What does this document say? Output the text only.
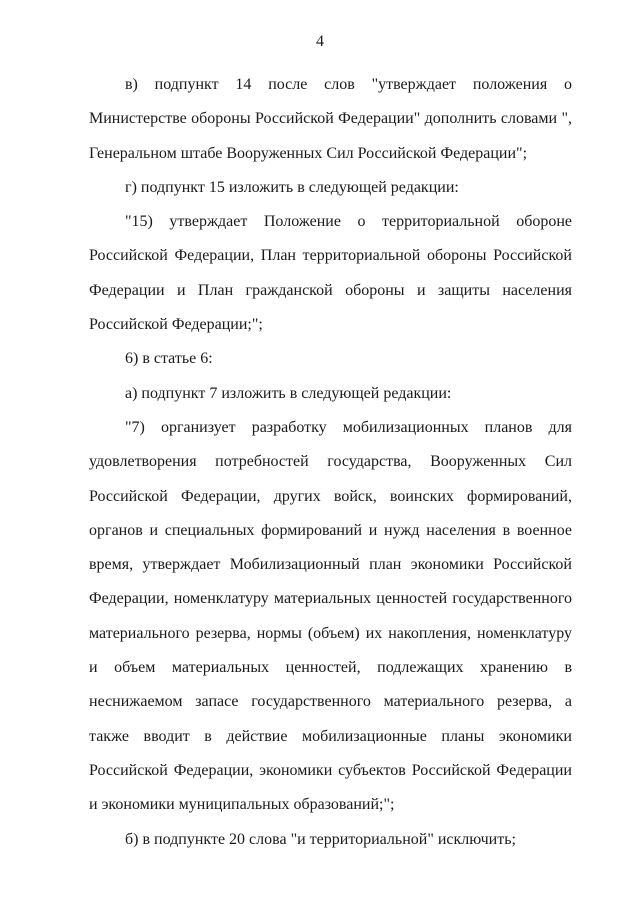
4

в) подпункт 14 после слов "утверждает положения о Министерстве обороны Российской Федерации" дополнить словами ", Генеральном штабе Вооруженных Сил Российской Федерации";

г) подпункт 15 изложить в следующей редакции:

"15) утверждает Положение о территориальной обороне Российской Федерации, План территориальной обороны Российской Федерации и План гражданской обороны и защиты населения Российской Федерации;";

6) в статье 6:

а) подпункт 7 изложить в следующей редакции:

"7) организует разработку мобилизационных планов для удовлетворения потребностей государства, Вооруженных Сил Российской Федерации, других войск, воинских формирований, органов и специальных формирований и нужд населения в военное время, утверждает Мобилизационный план экономики Российской Федерации, номенклатуру материальных ценностей государственного материального резерва, нормы (объем) их накопления, номенклатуру и объем материальных ценностей, подлежащих хранению в неснижаемом запасе государственного материального резерва, а также вводит в действие мобилизационные планы экономики Российской Федерации, экономики субъектов Российской Федерации и экономики муниципальных образований;";

б) в подпункте 20 слова "и территориальной" исключить;
